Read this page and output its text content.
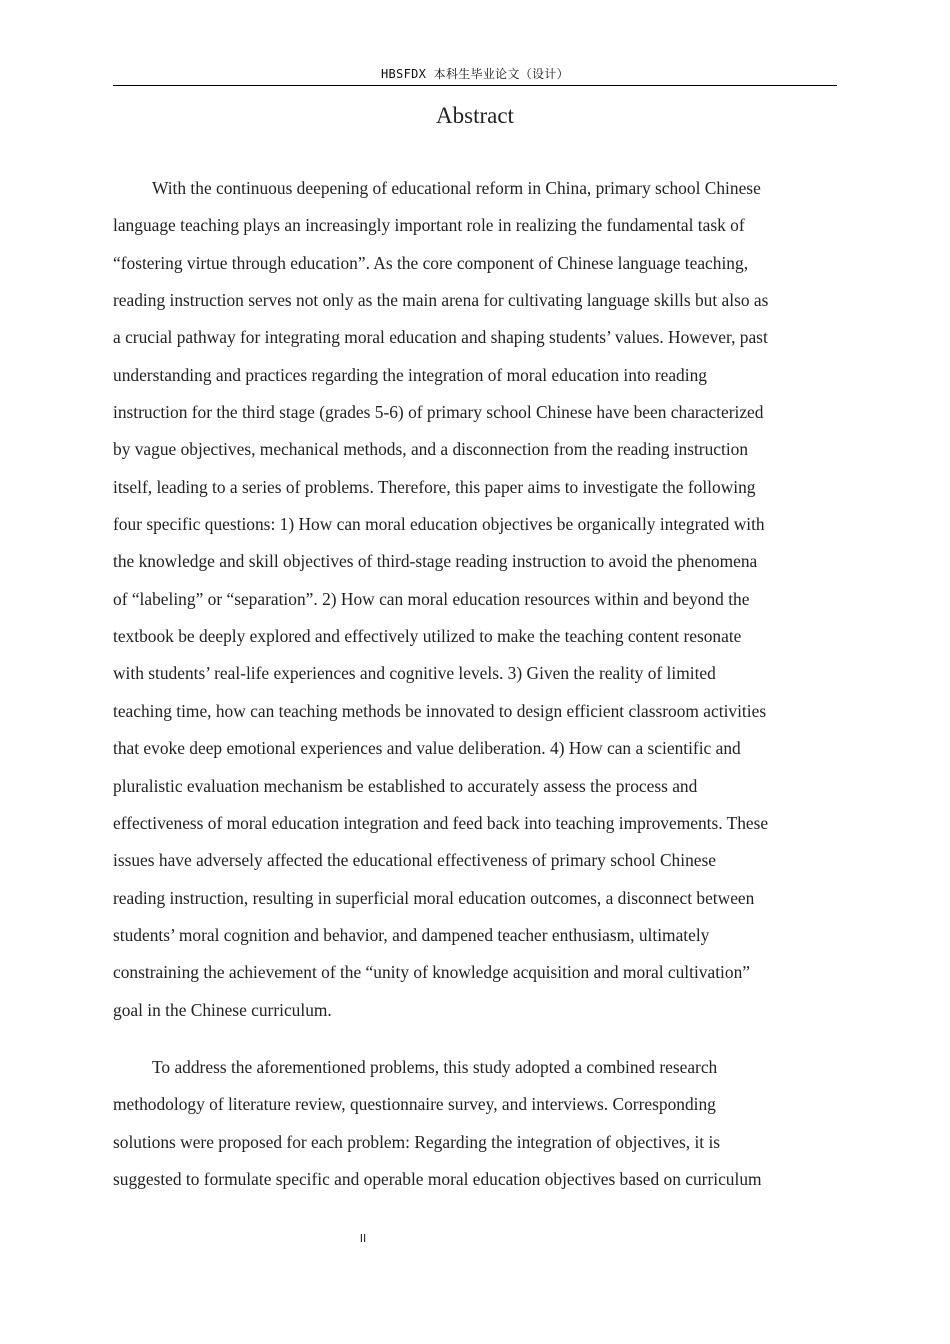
HBSFDX 本科生毕业论文（设计）
Abstract
With the continuous deepening of educational reform in China, primary school Chinese
language teaching plays an increasingly important role in realizing the fundamental task of
“fostering virtue through education”. As the core component of Chinese language teaching,
reading instruction serves not only as the main arena for cultivating language skills but also as
a crucial pathway for integrating moral education and shaping students’ values. However, past
understanding and practices regarding the integration of moral education into reading
instruction for the third stage (grades 5-6) of primary school Chinese have been characterized
by vague objectives, mechanical methods, and a disconnection from the reading instruction
itself, leading to a series of problems. Therefore, this paper aims to investigate the following
four specific questions: 1) How can moral education objectives be organically integrated with
the knowledge and skill objectives of third-stage reading instruction to avoid the phenomena
of “labeling” or “separation”. 2) How can moral education resources within and beyond the
textbook be deeply explored and effectively utilized to make the teaching content resonate
with students’ real-life experiences and cognitive levels. 3) Given the reality of limited
teaching time, how can teaching methods be innovated to design efficient classroom activities
that evoke deep emotional experiences and value deliberation. 4) How can a scientific and
pluralistic evaluation mechanism be established to accurately assess the process and
effectiveness of moral education integration and feed back into teaching improvements. These
issues have adversely affected the educational effectiveness of primary school Chinese
reading instruction, resulting in superficial moral education outcomes, a disconnect between
students’ moral cognition and behavior, and dampened teacher enthusiasm, ultimately
constraining the achievement of the “unity of knowledge acquisition and moral cultivation”
goal in the Chinese curriculum.
To address the aforementioned problems, this study adopted a combined research
methodology of literature review, questionnaire survey, and interviews. Corresponding
solutions were proposed for each problem: Regarding the integration of objectives, it is
suggested to formulate specific and operable moral education objectives based on curriculum
II
